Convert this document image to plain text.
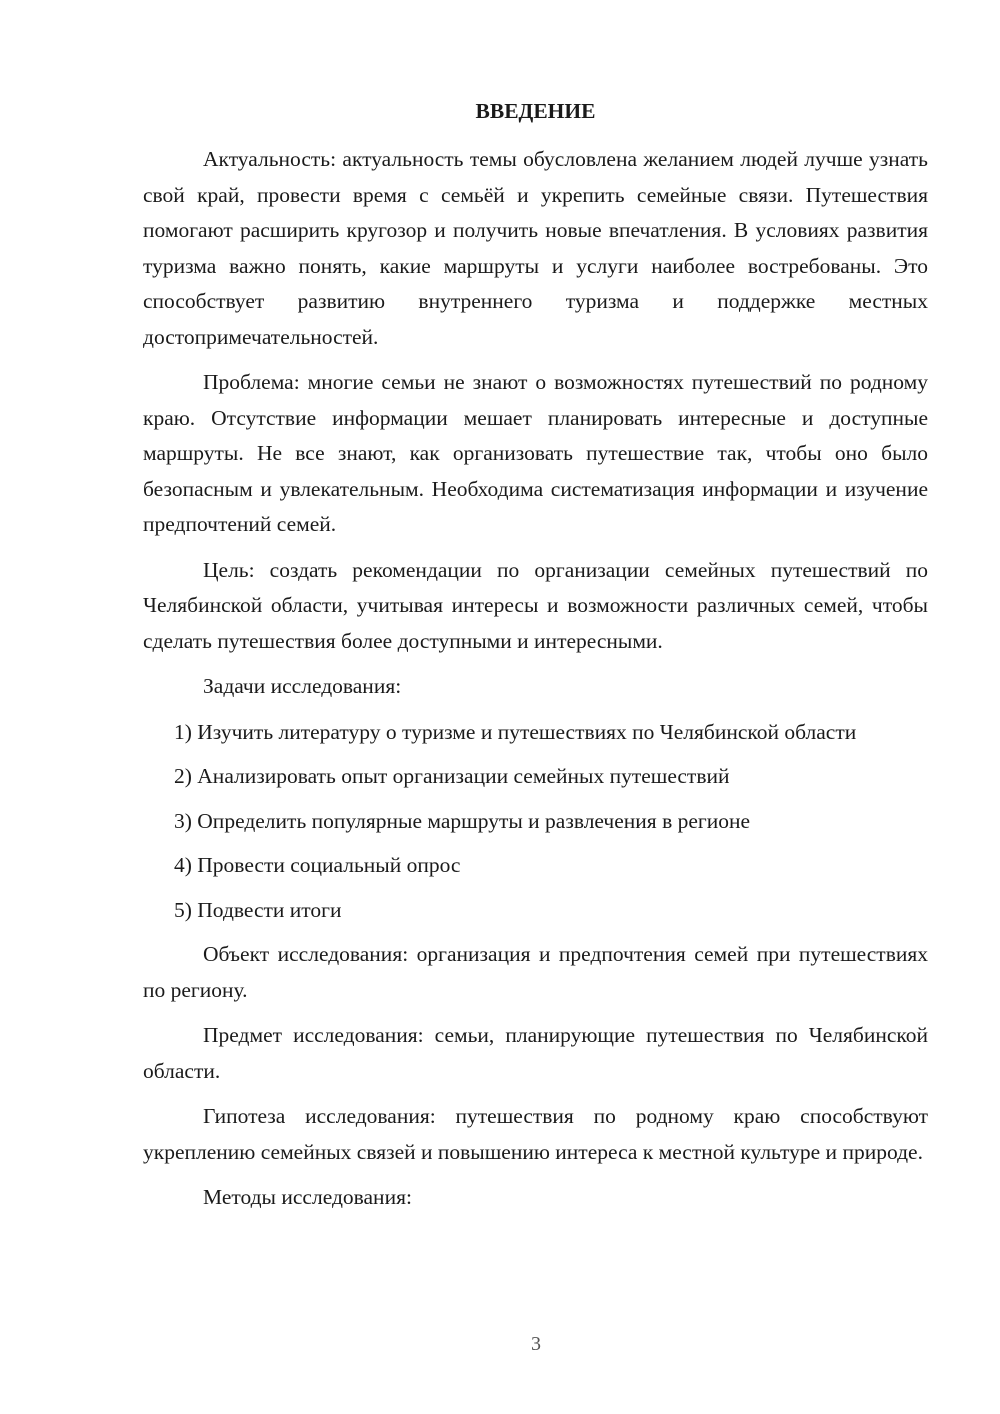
ВВЕДЕНИЕ

Актуальность: актуальность темы обусловлена желанием людей лучше узнать свой край, провести время с семьёй и укрепить семейные связи. Путешествия помогают расширить кругозор и получить новые впечатления. В условиях развития туризма важно понять, какие маршруты и услуги наиболее востребованы. Это способствует развитию внутреннего туризма и поддержке местных достопримечательностей.

Проблема: многие семьи не знают о возможностях путешествий по родному краю. Отсутствие информации мешает планировать интересные и доступные маршруты. Не все знают, как организовать путешествие так, чтобы оно было безопасным и увлекательным. Необходима систематизация информации и изучение предпочтений семей.

Цель: создать рекомендации по организации семейных путешествий по Челябинской области, учитывая интересы и возможности различных семей, чтобы сделать путешествия более доступными и интересными.

Задачи исследования:

1) Изучить литературу о туризме и путешествиях по Челябинской области

2) Анализировать опыт организации семейных путешествий

3) Определить популярные маршруты и развлечения в регионе

4) Провести социальный опрос

5) Подвести итоги

Объект исследования: организация и предпочтения семей при путешествиях по региону.

Предмет исследования: семьи, планирующие путешествия по Челябинской области.

Гипотеза исследования: путешествия по родному краю способствуют укреплению семейных связей и повышению интереса к местной культуре и природе.

Методы исследования:

3
